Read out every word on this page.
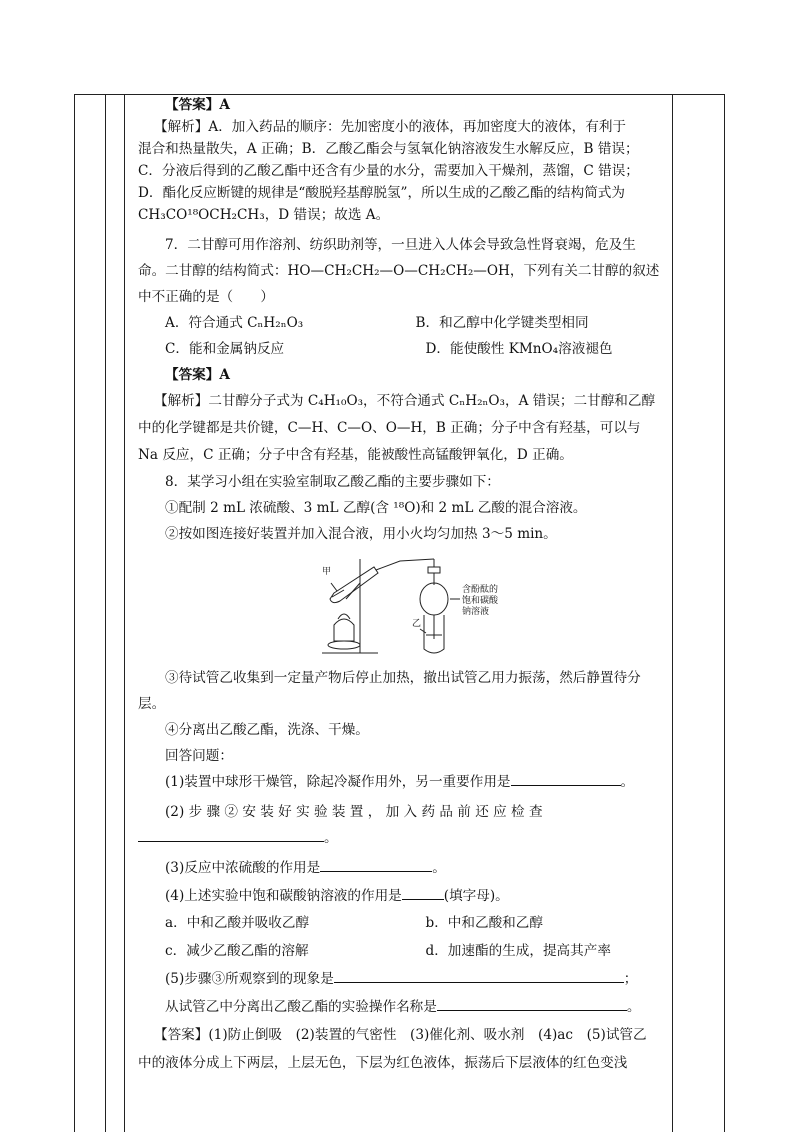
【答案】A

【解析】A．加入药品的顺序：先加密度小的液体，再加密度大的液体，有利于

混合和热量散失，A 正确；B．乙酸乙酯会与氢氧化钠溶液发生水解反应，B 错误；

C．分液后得到的乙酸乙酯中还含有少量的水分，需要加入干燥剂，蒸馏，C 错误；

D．酯化反应断键的规律是“酸脱羟基醇脱氢”，所以生成的乙酸乙酯的结构简式为

CH₃CO¹⁸OCH₂CH₃，D 错误；故选 A。

7．二甘醇可用作溶剂、纺织助剂等，一旦进入人体会导致急性肾衰竭，危及生

命。二甘醇的结构简式：HO—CH₂CH₂—O—CH₂CH₂—OH，下列有关二甘醇的叙述

中不正确的是（　　）

A．符合通式 CₙH₂ₙO₃	B．和乙醇中化学键类型相同
C．能和金属钠反应	D．能使酸性 KMnO₄溶液褪色

【答案】A

【解析】二甘醇分子式为 C₄H₁₀O₃，不符合通式 CₙH₂ₙO₃，A 错误；二甘醇和乙醇

中的化学键都是共价键，C—H、C—O、O—H，B 正确；分子中含有羟基，可以与

Na 反应，C 正确；分子中含有羟基，能被酸性高锰酸钾氧化，D 正确。

8．某学习小组在实验室制取乙酸乙酯的主要步骤如下：

①配制 2 mL 浓硫酸、3 mL 乙醇(含 ¹⁸O)和 2 mL 乙酸的混合溶液。

②按如图连接好装置并加入混合液，用小火均匀加热 3～5 min。

甲
乙
含酚酞的
饱和碳酸
钠溶液

③待试管乙收集到一定量产物后停止加热，撤出试管乙用力振荡，然后静置待分

层。

④分离出乙酸乙酯，洗涤、干燥。

回答问题：

(1)装置中球形干燥管，除起冷凝作用外，另一重要作用是	。

(2) 步 骤 ② 安 装 好 实 验 装 置 ， 加 入 药 品 前 还 应 检 查

。

(3)反应中浓硫酸的作用是	。

(4)上述实验中饱和碳酸钠溶液的作用是	(填字母)。

a．中和乙酸并吸收乙醇	b．中和乙酸和乙醇
c．减少乙酸乙酯的溶解	d．加速酯的生成，提高其产率

(5)步骤③所观察到的现象是	；

从试管乙中分离出乙酸乙酯的实验操作名称是	。

【答案】(1)防止倒吸　(2)装置的气密性　(3)催化剂、吸水剂　(4)ac　(5)试管乙

中的液体分成上下两层，上层无色，下层为红色液体，振荡后下层液体的红色变浅
